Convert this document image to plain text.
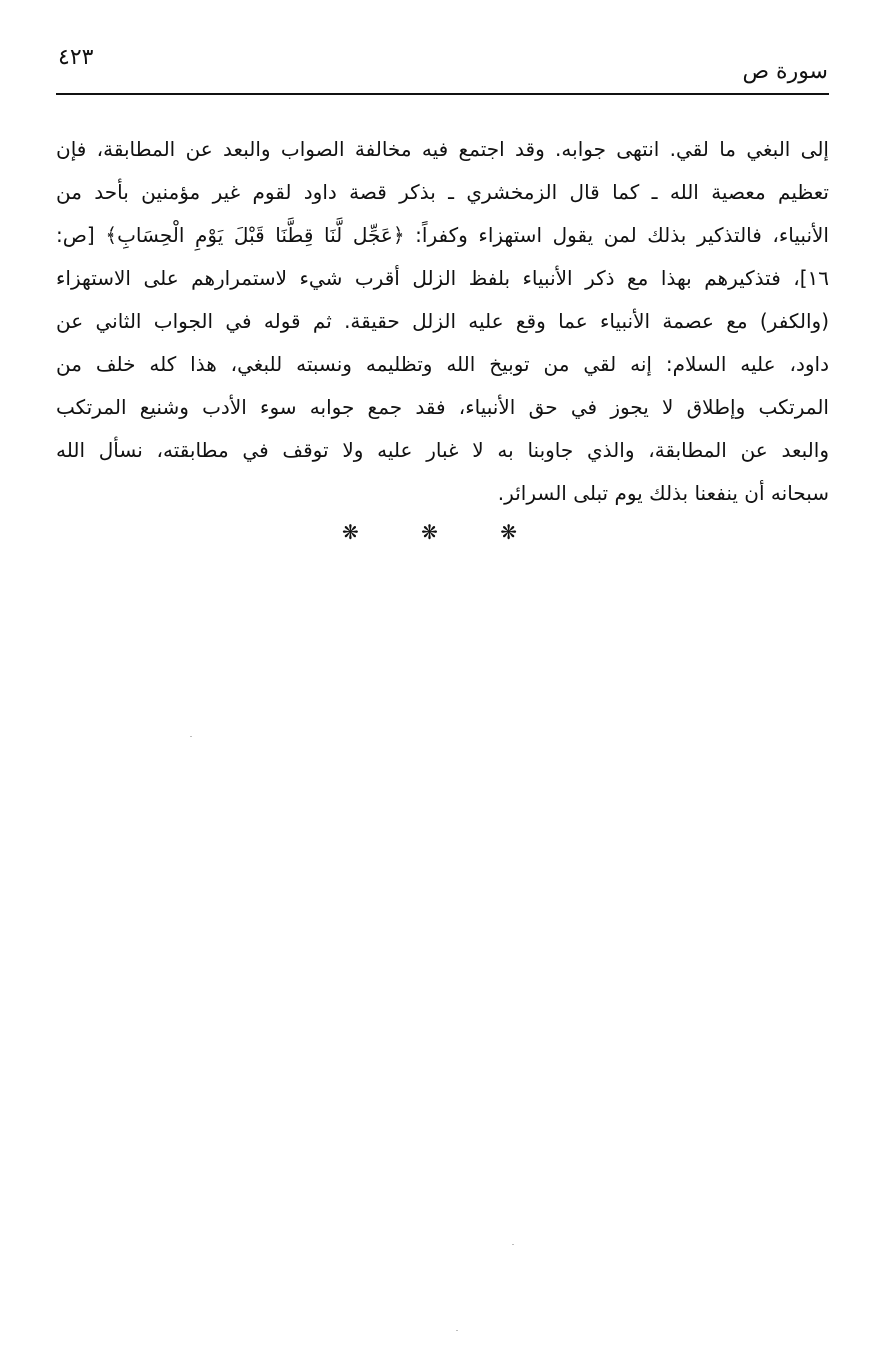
سورة ص
٤٢٣
إلى البغي ما لقي. انتهى جوابه. وقد اجتمع فيه مخالفة الصواب والبعد عن المطابقة، فإن
تعظيم معصية الله ـ كما قال الزمخشري ـ بذكر قصة داود لقوم غير مؤمنين بأحد من
الأنبياء، فالتذكير بذلك لمن يقول استهزاء وكفراً: ﴿عَجِّل لَّنَا قِطَّنَا قَبْلَ يَوْمِ الْحِسَابِ﴾ [ص:
١٦]، فتذكيرهم بهذا مع ذكر الأنبياء بلفظ الزلل أقرب شيء لاستمرارهم على الاستهزاء
(والكفر) مع عصمة الأنبياء عما وقع عليه الزلل حقيقة. ثم قوله في الجواب الثاني عن
داود، عليه السلام: إنه لقي من توبيخ الله وتظليمه ونسبته للبغي، هذا كله خلف من
المرتكب وإطلاق لا يجوز في حق الأنبياء، فقد جمع جوابه سوء الأدب وشنيع المرتكب
والبعد عن المطابقة، والذي جاوبنا به لا غبار عليه ولا توقف في مطابقته، نسأل الله
سبحانه أن ينفعنا بذلك يوم تبلى السرائر.
❋ ❋ ❋
